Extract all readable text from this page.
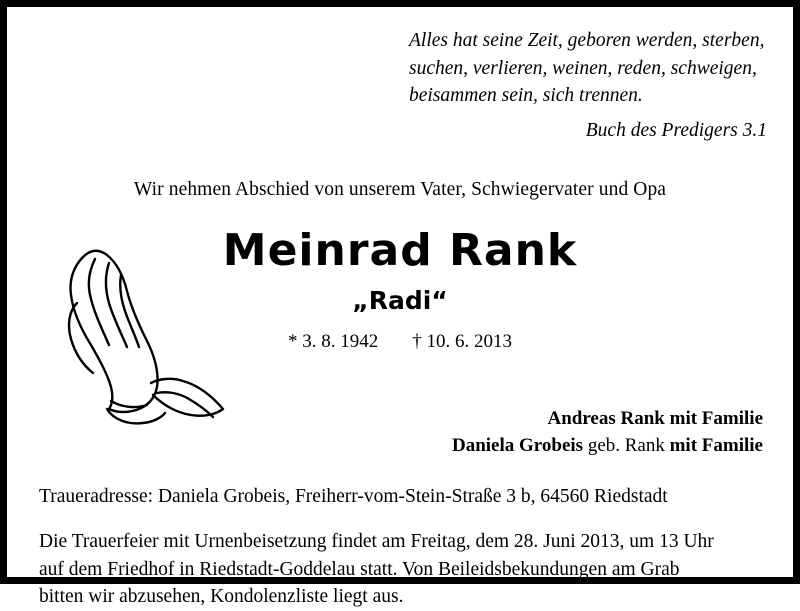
Alles hat seine Zeit, geboren werden, sterben,
suchen, verlieren, weinen, reden, schweigen,
beisammen sein, sich trennen.
Buch des Predigers 3.1
Wir nehmen Abschied von unserem Vater, Schwiegervater und Opa
Meinrad Rank
„Radi“
* 3. 8. 1942 † 10. 6. 2013
Andreas Rank mit Familie
Daniela Grobeis geb. Rank mit Familie
Traueradresse: Daniela Grobeis, Freiherr-vom-Stein-Straße 3 b, 64560 Riedstadt
Die Trauerfeier mit Urnenbeisetzung findet am Freitag, dem 28. Juni 2013, um 13 Uhr
auf dem Friedhof in Riedstadt-Goddelau statt. Von Beileidsbekundungen am Grab
bitten wir abzusehen, Kondolenzliste liegt aus.
